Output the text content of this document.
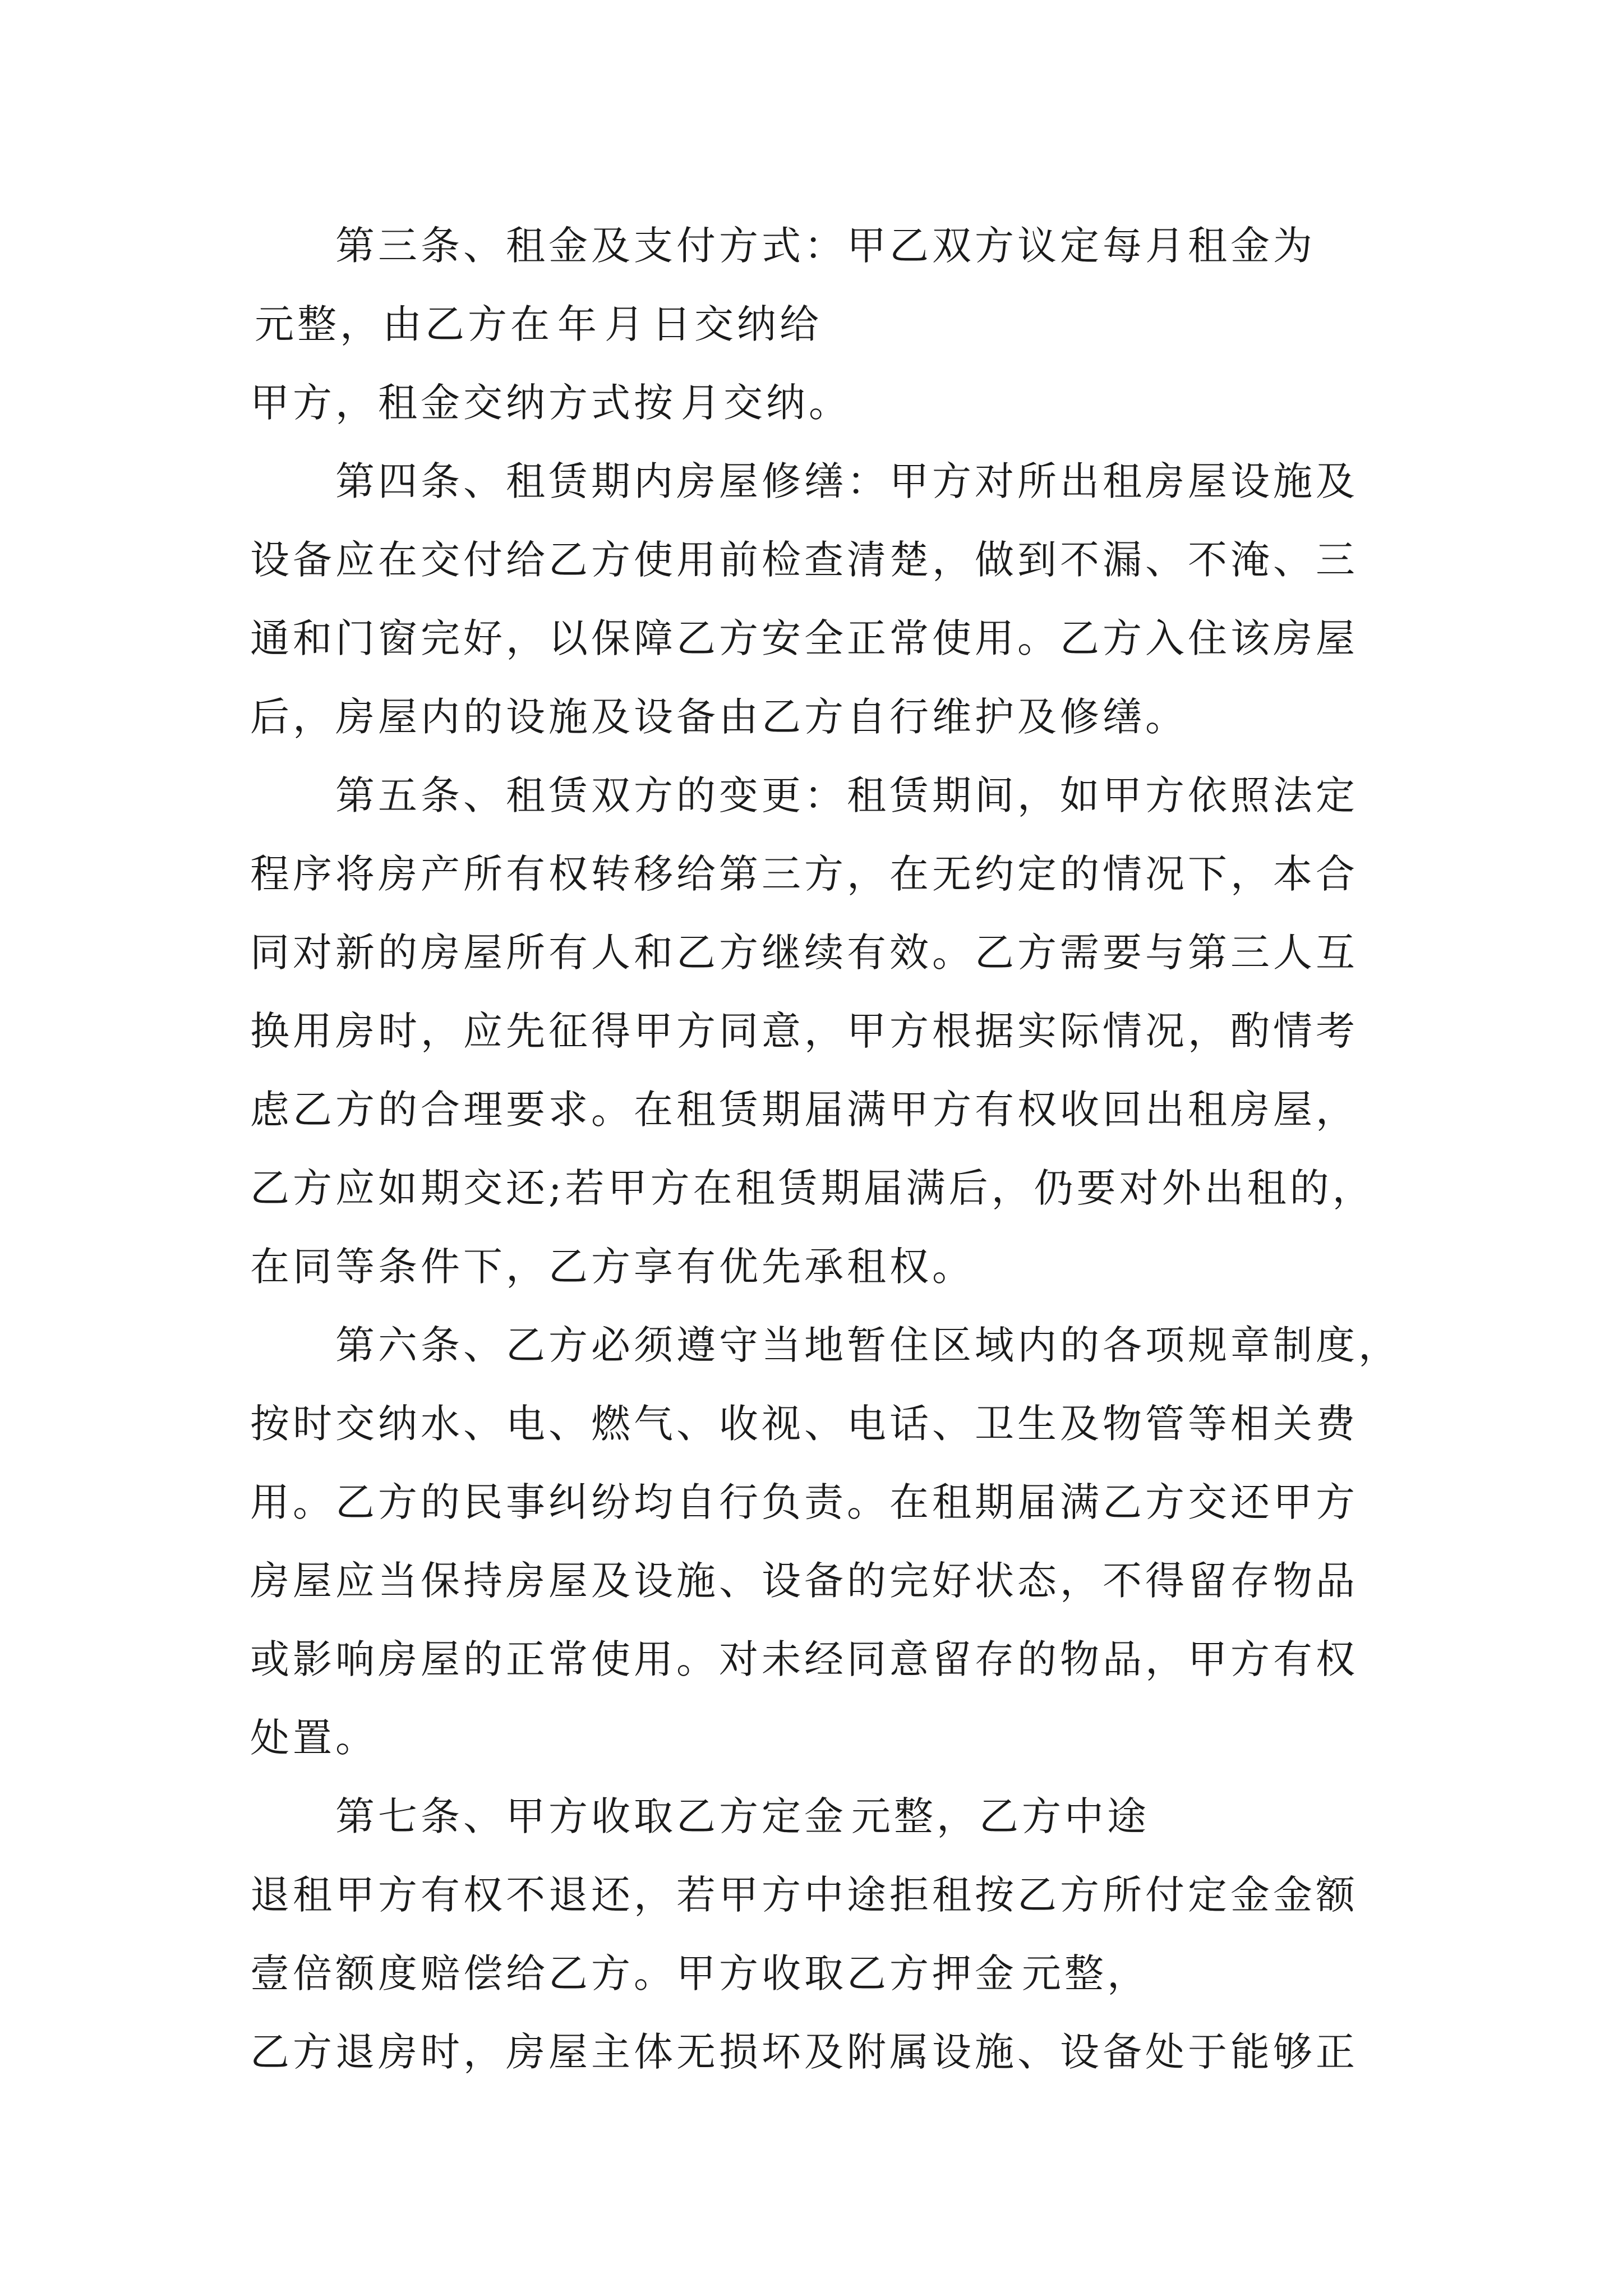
第三条、租金及支付方式：甲乙双方议定每月租金为
元整，由乙方在 年 月 日交纳给
甲方，租金交纳方式按 月交纳。
第四条、租赁期内房屋修缮：甲方对所出租房屋设施及
设备应在交付给乙方使用前检查清楚，做到不漏、不淹、三
通和门窗完好，以保障乙方安全正常使用。乙方入住该房屋
后，房屋内的设施及设备由乙方自行维护及修缮。
第五条、租赁双方的变更：租赁期间，如甲方依照法定
程序将房产所有权转移给第三方，在无约定的情况下，本合
同对新的房屋所有人和乙方继续有效。乙方需要与第三人互
换用房时，应先征得甲方同意，甲方根据实际情况，酌情考
虑乙方的合理要求。在租赁期届满甲方有权收回出租房屋，
乙方应如期交还;若甲方在租赁期届满后，仍要对外出租的，
在同等条件下，乙方享有优先承租权。
第六条、乙方必须遵守当地暂住区域内的各项规章制度，
按时交纳水、电、燃气、收视、电话、卫生及物管等相关费
用。乙方的民事纠纷均自行负责。在租期届满乙方交还甲方
房屋应当保持房屋及设施、设备的完好状态，不得留存物品
或影响房屋的正常使用。对未经同意留存的物品，甲方有权
处置。
第七条、甲方收取乙方定金 元整，乙方中途
退租甲方有权不退还，若甲方中途拒租按乙方所付定金金额
壹倍额度赔偿给乙方。甲方收取乙方押金 元整，
乙方退房时，房屋主体无损坏及附属设施、设备处于能够正
